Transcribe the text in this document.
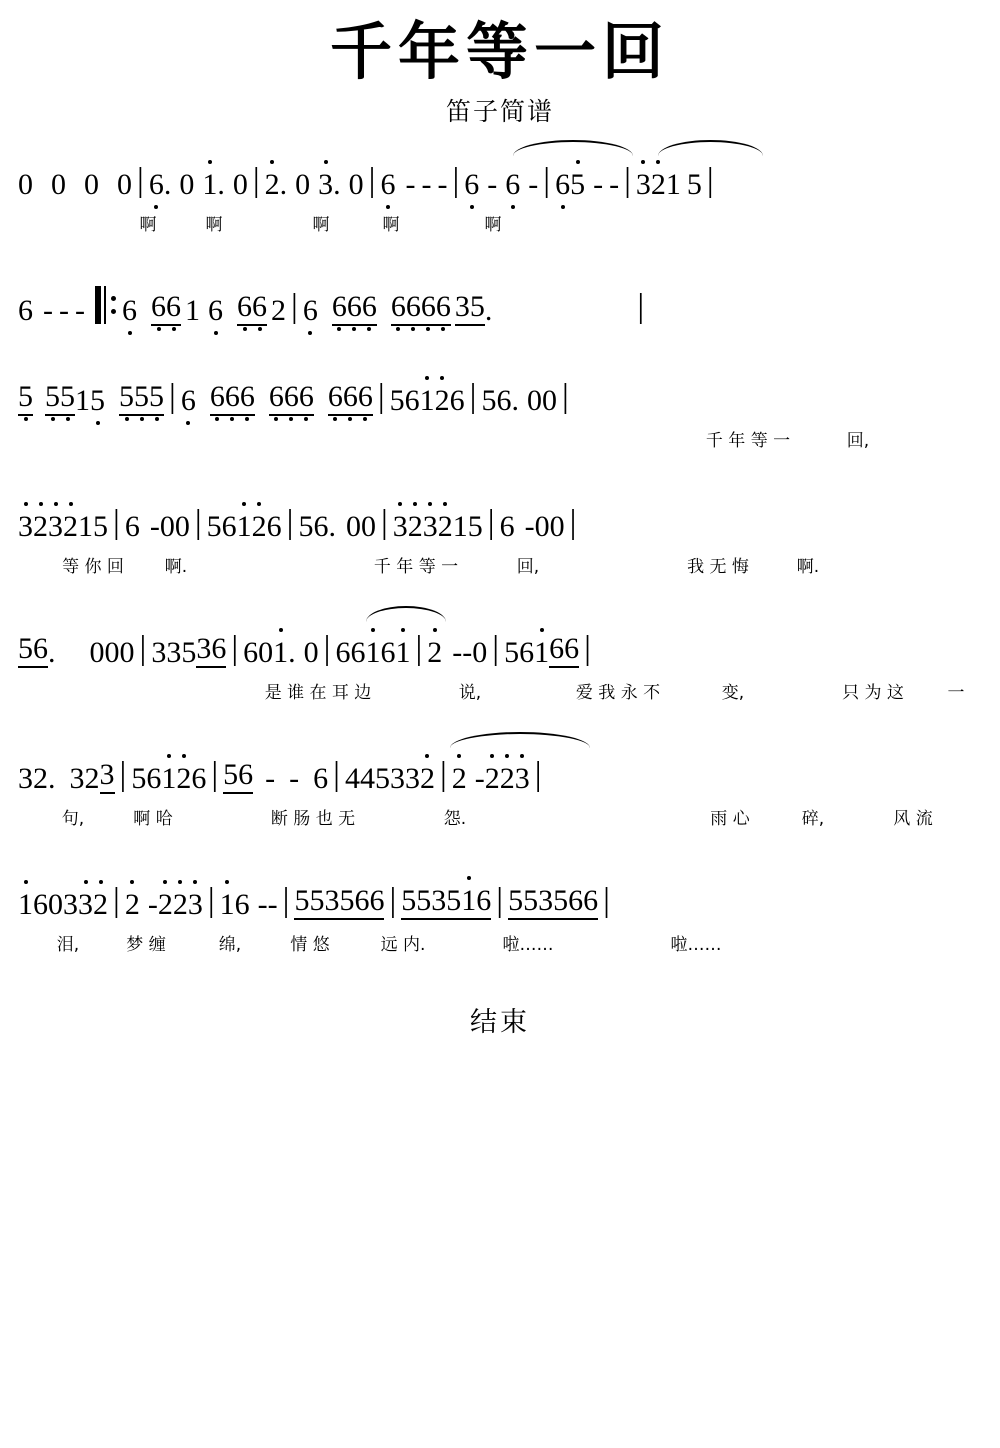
千年等一回
笛子简谱
0 0 0 0 | 6 . 0 1 . 0 | 2 . 0 3 . 0 | 6 - - - | 6 - 6 - | 6 5 - - | 3 2 1 5 |
啊	啊	啊	啊	啊
6 - - - 6 66 1 6 66 2 | 6 666 6666 35 .	|
5 55 1 5 555 | 6 666 666 666 | 5 6 1 2 6 | 5 6 . 0 0 |
千 年 等 一	回,
3 2 3 2 1 5 | 6 - 0 0 | 5 6 1 2 6 | 5 6 . 0 0 | 3 2 3 2 1 5 | 6 - 0 0 |
等 你 回 啊.	千 年 等 一	回,	我 无 悔	啊.
56 . 0 0 0 | 3 3 5 36 | 6 0 1 . 0 | 6 6 1 6 1 | 2 - - 0 | 5 6 1 66 |
是 谁 在 耳 边	说,	爱 我 永 不	变,	只 为 这	一
3 2 . 3 2 3 | 5 6 1 2 6 | 56 - - 6 | 4 4 5 3 3 2 | 2 - 2 2 3 |
句,	啊 哈	断 肠 也 无	怨.	雨 心	碎,	风 流
1 6 0 3 3 2 | 2 - 2 2 3 | 1 6 - - | 553566 | 553516 | 553566 |
泪,	梦 缠	绵,	情 悠	远 内.	啦……	啦……
结束
